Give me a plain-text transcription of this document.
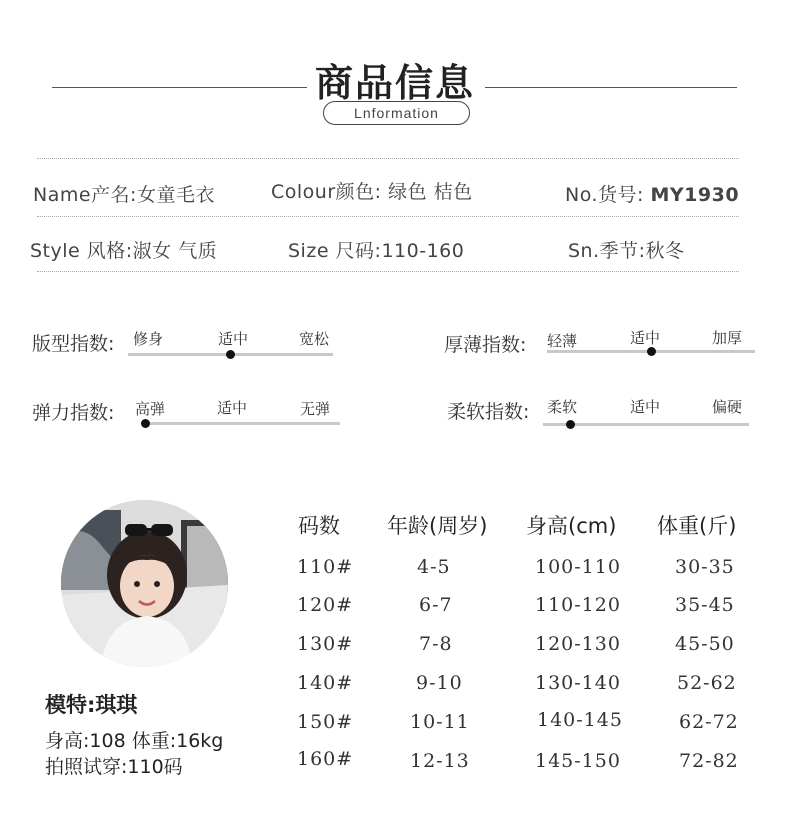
商品信息
Lnformation
Name产名:女童毛衣	Colour颜色: 绿色 桔色	No.货号: MY1930
Style 风格:淑女 气质	Size 尺码:110-160	Sn.季节:秋冬
版型指数: 修身	适中	宽松	厚薄指数: 轻薄	适中	加厚
弹力指数: 高弹	适中	无弹	柔软指数: 柔软	适中	偏硬
模特:琪琪
身高:108 体重:16kg
拍照试穿:110码
码数 年龄(周岁) 身高(cm) 体重(斤)
110#	4-5	100-110	30-35
120#	6-7	110-120	35-45
130#	7-8	120-130	45-50
140#	9-10	130-140	52-62
150#	10-11	140-145	62-72
160#	12-13	145-150	72-82
